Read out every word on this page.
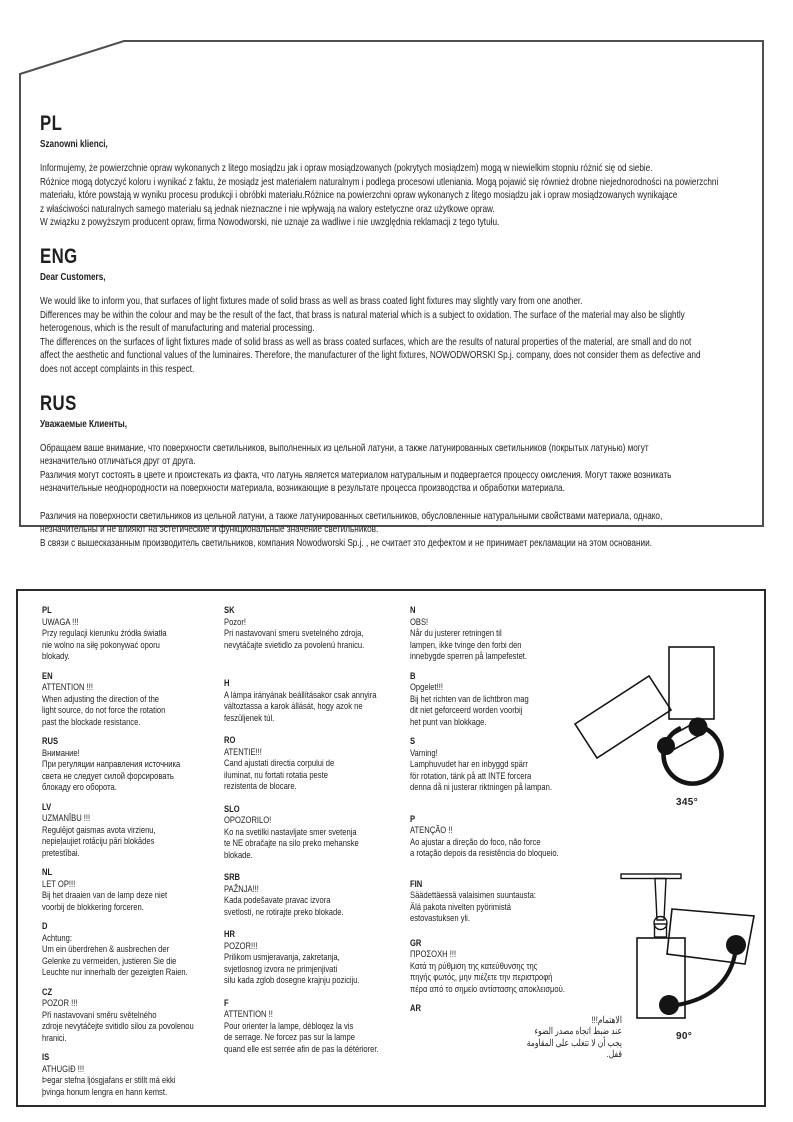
PL
Szanowni klienci,
Informujemy, że powierzchnie opraw wykonanych z litego mosiądzu jak i opraw mosiądzowanych (pokrytych mosiądzem) mogą w niewielkim stopniu różnić się od siebie.
Różnice mogą dotyczyć koloru i wynikać z faktu, że mosiądz jest materiałem naturalnym i podlega procesowi utleniania. Mogą pojawić się również drobne niejednorodności na powierzchni
materiału, które powstają w wyniku procesu produkcji i obróbki materiału.Różnice na powierzchni opraw wykonanych z litego mosiądzu jak i opraw mosiądzowanych wynikające
z właściwości naturalnych samego materiału są jednak nieznaczne i nie wpływają na walory estetyczne oraz użytkowe opraw.
W związku z powyższym producent opraw, firma Nowodworski, nie uznaje za wadliwe i nie uwzględnia reklamacji z tego tytułu.
ENG
Dear Customers,
We would like to inform you, that surfaces of light fixtures made of solid brass as well as brass coated light fixtures may slightly vary from one another.
Differences may be within the colour and may be the result of the fact, that brass is natural material which is a subject to oxidation. The surface of the material may also be slightly
heterogenous, which is the result of manufacturing and material processing.
The differences on the surfaces of light fixtures made of solid brass as well as brass coated surfaces, which are the results of natural properties of the material, are small and do not
affect the aesthetic and functional values of the luminaires. Therefore, the manufacturer of the light fixtures, NOWODWORSKI Sp.j. company, does not consider them as defective and
does not accept complaints in this respect.
RUS
Уважаемые Клиенты,
Обращаем ваше внимание, что поверхности светильников, выполненных из цельной латуни, а также латунированных светильников (покрытых латунью) могут
незначительно отличаться друг от друга.
Различия могут состоять в цвете и проистекать из факта, что латунь является материалом натуральным и подвергается процессу окисления. Могут также возникать
незначительные неоднородности на поверхности материала, возникающие в результате процесса производства и обработки материала.

Различия на поверхности светильников из цельной латуни, а также латунированных светильников, обусловленные натуральными свойствами материала, однако,
незначительны и не влияют на эстетические и функциональные значение светильников.
В связи с вышесказанным производитель светильников, компания Nowodworski Sp.j. , не считает это дефектом и не принимает рекламации на этом основании.
PL
UWAGA !!!
Przy regulacji kierunku źródła światła
nie wolno na siłę pokonywać oporu
blokady.
EN
ATTENTION !!!
When adjusting the direction of the
light source, do not force the rotation
past the blockade resistance.
RUS
Внимание!
При регуляции направления источника
света не следует силой форсировать
блокаду его оборота.
LV
UZMANĪBU !!!
Regulējot gaismas avota virzienu,
nepieļaujiet rotāciju pāri blokādes
pretestībai.
NL
LET OP!!!
Bij het draaien van de lamp deze niet
voorbij de blokkering forceren.
D
Achtung:
Um ein überdrehen & ausbrechen der
Gelenke zu vermeiden, justieren Sie die
Leuchte nur innerhalb der gezeigten Raien.
CZ
POZOR !!!
Při nastavovaní směru světelného
zdroje nevytáčejte svitidlo silou za povolenou
hranici.
IS
ATHUGIÐ !!!
Þegar stefna ljósgjafans er stillt má ekki
þvinga honum lengra en hann kemst.
SK
Pozor!
Pri nastavovaní smeru svetelného zdroja,
nevytáčajte svietidlo za povolenú hranicu.
H
A lámpa irányának beállításakor csak annyira
változtassa a karok állását, hogy azok ne
feszüljenek túl.
RO
ATENTIE!!!
Cand ajustati directia corpului de
iluminat, nu fortati rotatia peste
rezistenta de blocare.
SLO
OPOZORILO!
Ko na svetilki nastavljate smer svetenja
te NE obračajte na silo preko mehanske
blokade.
SRB
PAŽNJA!!!
Kada podešavate pravac izvora
svetlosti, ne rotirajte preko blokade.
HR
POZOR!!!
Prilikom usmjeravanja, zakretanja,
svjetlosnog izvora ne primjenjivati
silu kada zglob dosegne krajnju poziciju.
F
ATTENTION !!
Pour orienter la lampe, débloqez la vis
de serrage. Ne forcez pas sur la lampe
quand elle est serrée afin de pas la détériorer.
N
OBS!
Når du justerer retningen til
lampen, ikke tvinge den forbi den
innebygde sperren på lampefestet.
B
Opgelet!!!
Bij het richten van de lichtbron mag
dit niet geforceerd worden voorbij
het punt van blokkage.
S
Varning!
Lamphuvudet har en inbyggd spärr
för rotation, tänk på att INTE forcera
denna då ni justerar riktningen på lampan.
P
ATENÇÃO !!
Ao ajustar a direção do foco, não force
a rotação depois da resistência do bloqueio.
FIN
Säädettäessä valaisimen suuntausta:
Älä pakota nivelten pyörimistä
estovastuksen yli.
GR
ΠΡΟΣΟΧΗ !!!
Κατά τη ρύθμιση της κατεύθυνσης της
πηγής φωτός, μην πιέζετε την περιστροφή
πέρα από το σημείο αντίστασης αποκλεισμού.
AR
الاهتمام!!!
عند ضبط اتجاه مصدر الضوء
يجب أن لا تتغلب على المقاومة
قفل.
345°
90°
